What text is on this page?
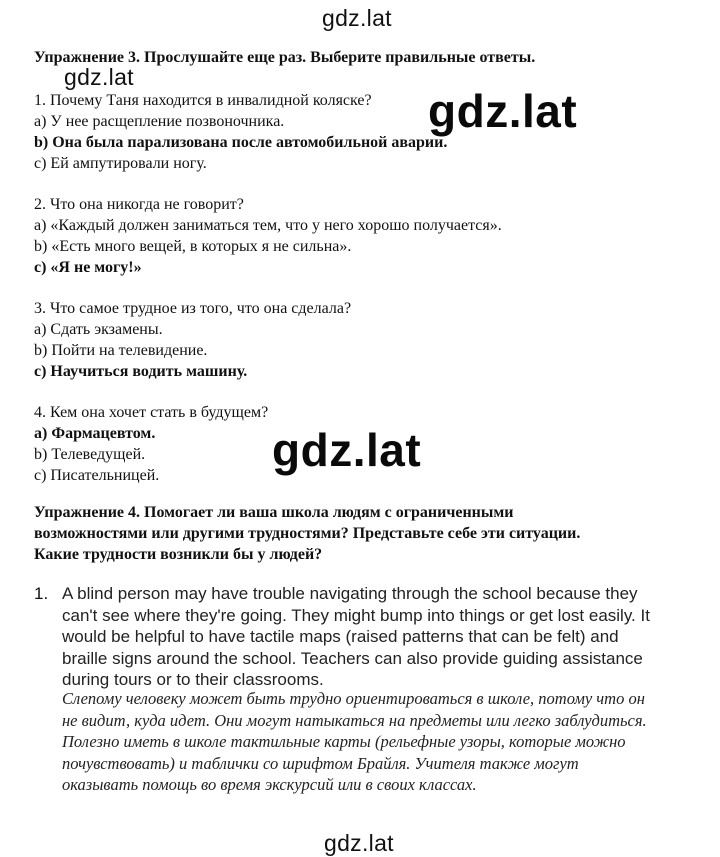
gdz.lat
gdz.lat
Упражнение 3. Прослушайте еще раз. Выберите правильные ответы.
1. Почему Таня находится в инвалидной коляске?
a) У нее расщепление позвоночника.
b) Она была парализована после автомобильной аварии.
c) Ей ампутировали ногу.
2. Что она никогда не говорит?
a) «Каждый должен заниматься тем, что у него хорошо получается».
b) «Есть много вещей, в которых я не сильна».
c) «Я не могу!»
3. Что самое трудное из того, что она сделала?
a) Сдать экзамены.
b) Пойти на телевидение.
c) Научиться водить машину.
4. Кем она хочет стать в будущем?
a) Фармацевтом.
b) Телеведущей.
c) Писательницей.
gdz.lat
gdz.lat
Упражнение 4. Помогает ли ваша школа людям с ограниченными
возможностями или другими трудностями? Представьте себе эти ситуации.
Какие трудности возникли бы у людей?
1. A blind person may have trouble navigating through the school because they can't see where they're going. They might bump into things or get lost easily. It would be helpful to have tactile maps (raised patterns that can be felt) and braille signs around the school. Teachers can also provide guiding assistance during tours or to their classrooms.
Слепому человеку может быть трудно ориентироваться в школе, потому что он не видит, куда идет. Они могут натыкаться на предметы или легко заблудиться. Полезно иметь в школе тактильные карты (рельефные узоры, которые можно почувствовать) и таблички со шрифтом Брайля. Учителя также могут оказывать помощь во время экскурсий или в своих классах.
gdz.lat
